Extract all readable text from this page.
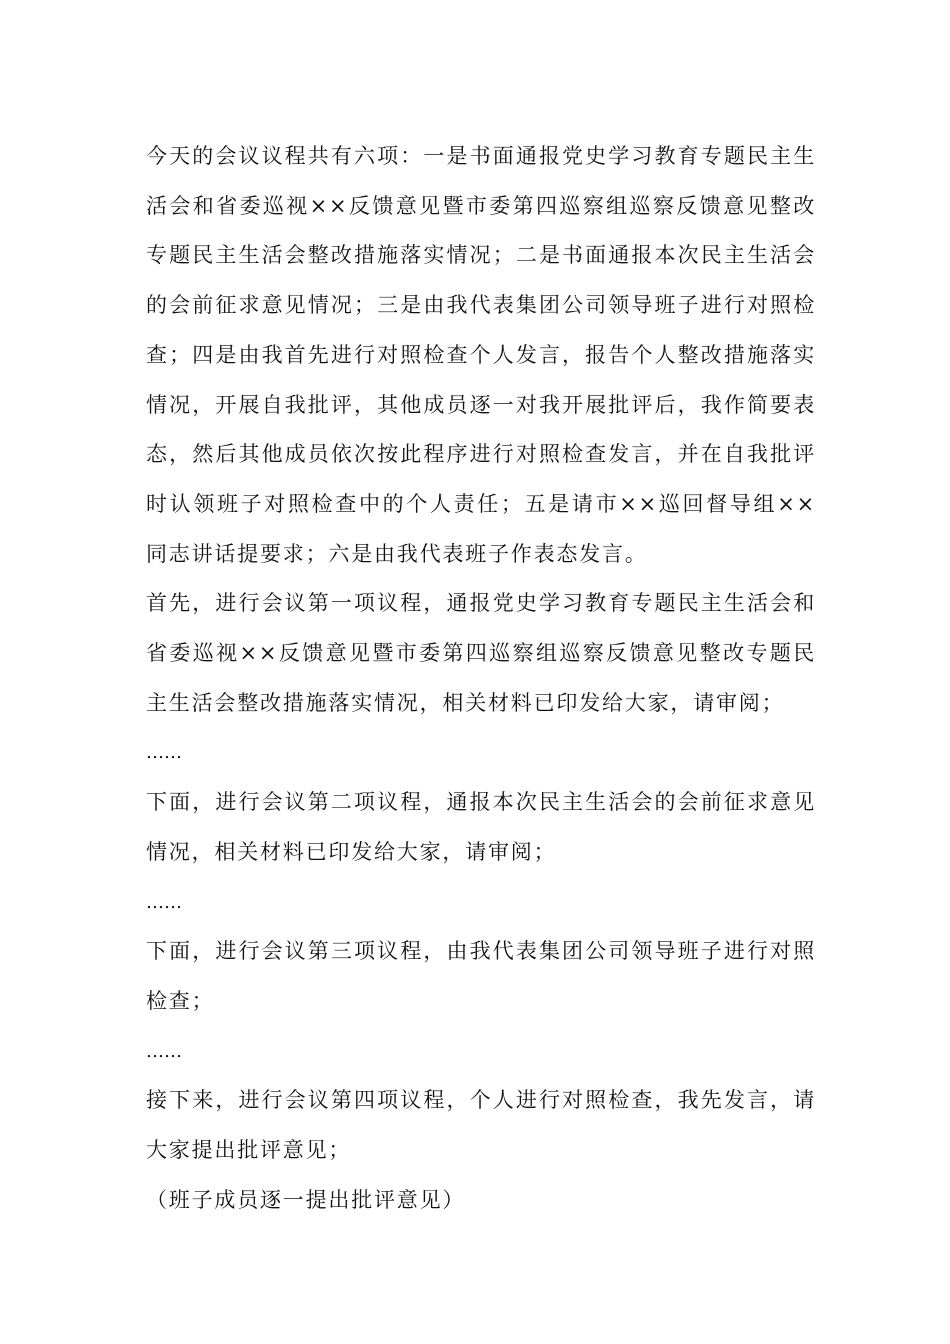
今天的会议议程共有六项：一是书面通报党史学习教育专题民主生活会和省委巡视××反馈意见暨市委第四巡察组巡察反馈意见整改专题民主生活会整改措施落实情况；二是书面通报本次民主生活会的会前征求意见情况；三是由我代表集团公司领导班子进行对照检查；四是由我首先进行对照检查个人发言，报告个人整改措施落实情况，开展自我批评，其他成员逐一对我开展批评后，我作简要表态，然后其他成员依次按此程序进行对照检查发言，并在自我批评时认领班子对照检查中的个人责任；五是请市××巡回督导组××同志讲话提要求；六是由我代表班子作表态发言。

首先，进行会议第一项议程，通报党史学习教育专题民主生活会和省委巡视××反馈意见暨市委第四巡察组巡察反馈意见整改专题民主生活会整改措施落实情况，相关材料已印发给大家，请审阅；

……

下面，进行会议第二项议程，通报本次民主生活会的会前征求意见情况，相关材料已印发给大家，请审阅；

……

下面，进行会议第三项议程，由我代表集团公司领导班子进行对照检查；

……

接下来，进行会议第四项议程，个人进行对照检查，我先发言，请大家提出批评意见；

（班子成员逐一提出批评意见）
